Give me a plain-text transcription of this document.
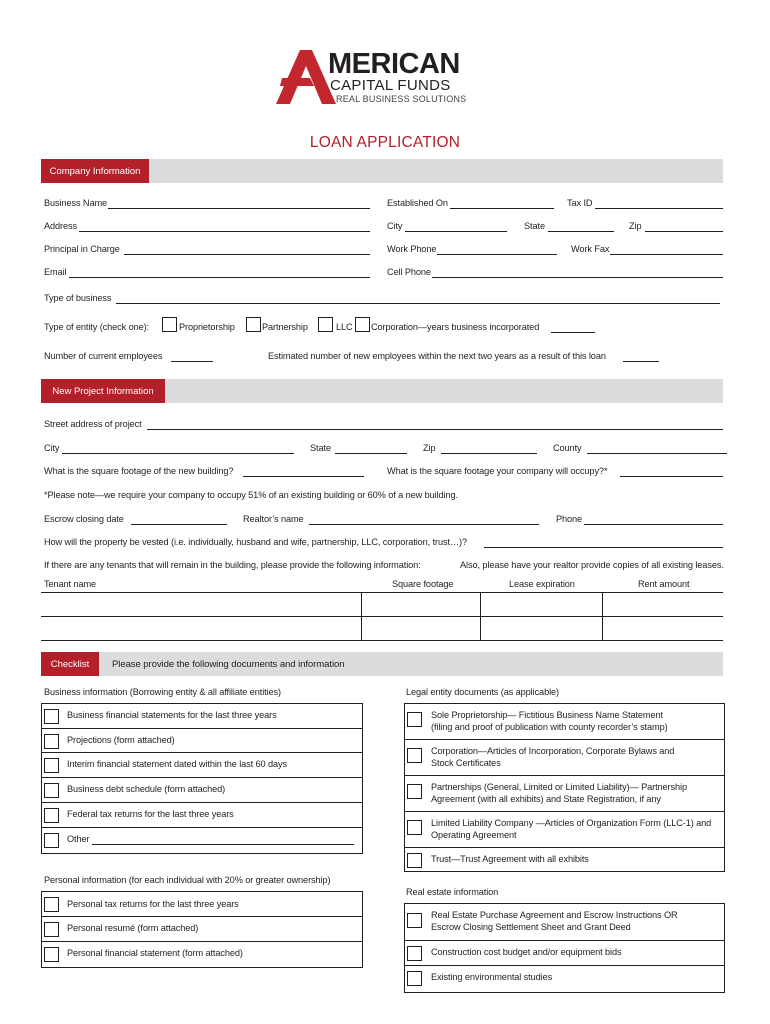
MERICAN
CAPITAL FUNDS
REAL BUSINESS SOLUTIONS
LOAN APPLICATION
Company Information
Business Name	Established On	Tax ID
Address	City	State	Zip
Principal in Charge	Work Phone	Work Fax
Email	Cell Phone
Type of business
Type of entity (check one):	Proprietorship	Partnership	LLC Corporation—years business incorporated
Number of current employees	Estimated number of new employees within the next two years as a result of this loan
New Project Information
Street address of project
City	State	Zip	County
What is the square footage of the new building?	What is the square footage your company will occupy?*
*Please note—we require your company to occupy 51% of an existing building or 60% of a new building.
Escrow closing date	Realtor’s name	Phone
How will the property be vested (i.e. individually, husband and wife, partnership, LLC, corporation, trust…)?
If there are any tenants that will remain in the building, please provide the following information:	Also, please have your realtor provide copies of all existing leases.
Tenant name	Square footage	Lease expiration	Rent amount
Checklist	Please provide the following documents and information
Business information (Borrowing entity & all affiliate entities)
Business financial statements for the last three years
Projections (form attached)
Interim financial statement dated within the last 60 days
Business debt schedule (form attached)
Federal tax returns for the last three years
Other
Legal entity documents (as applicable)
Sole Proprietorship— Fictitious Business Name Statement
(filing and proof of publication with county recorder’s stamp)
Corporation—Articles of Incorporation, Corporate Bylaws and
Stock Certificates
Partnerships (General, Limited or Limited Liability)— Partnership
Agreement (with all exhibits) and State Registration, if any
Limited Liability Company —Articles of Organization Form (LLC-1) and
Operating Agreement
Trust—Trust Agreement with all exhibits
Personal information (for each individual with 20% or greater ownership)
Personal tax returns for the last three years
Personal resumé (form attached)
Personal financial statement (form attached)
Real estate information
Real Estate Purchase Agreement and Escrow Instructions OR
Escrow Closing Settlement Sheet and Grant Deed
Construction cost budget and/or equipment bids
Existing environmental studies
